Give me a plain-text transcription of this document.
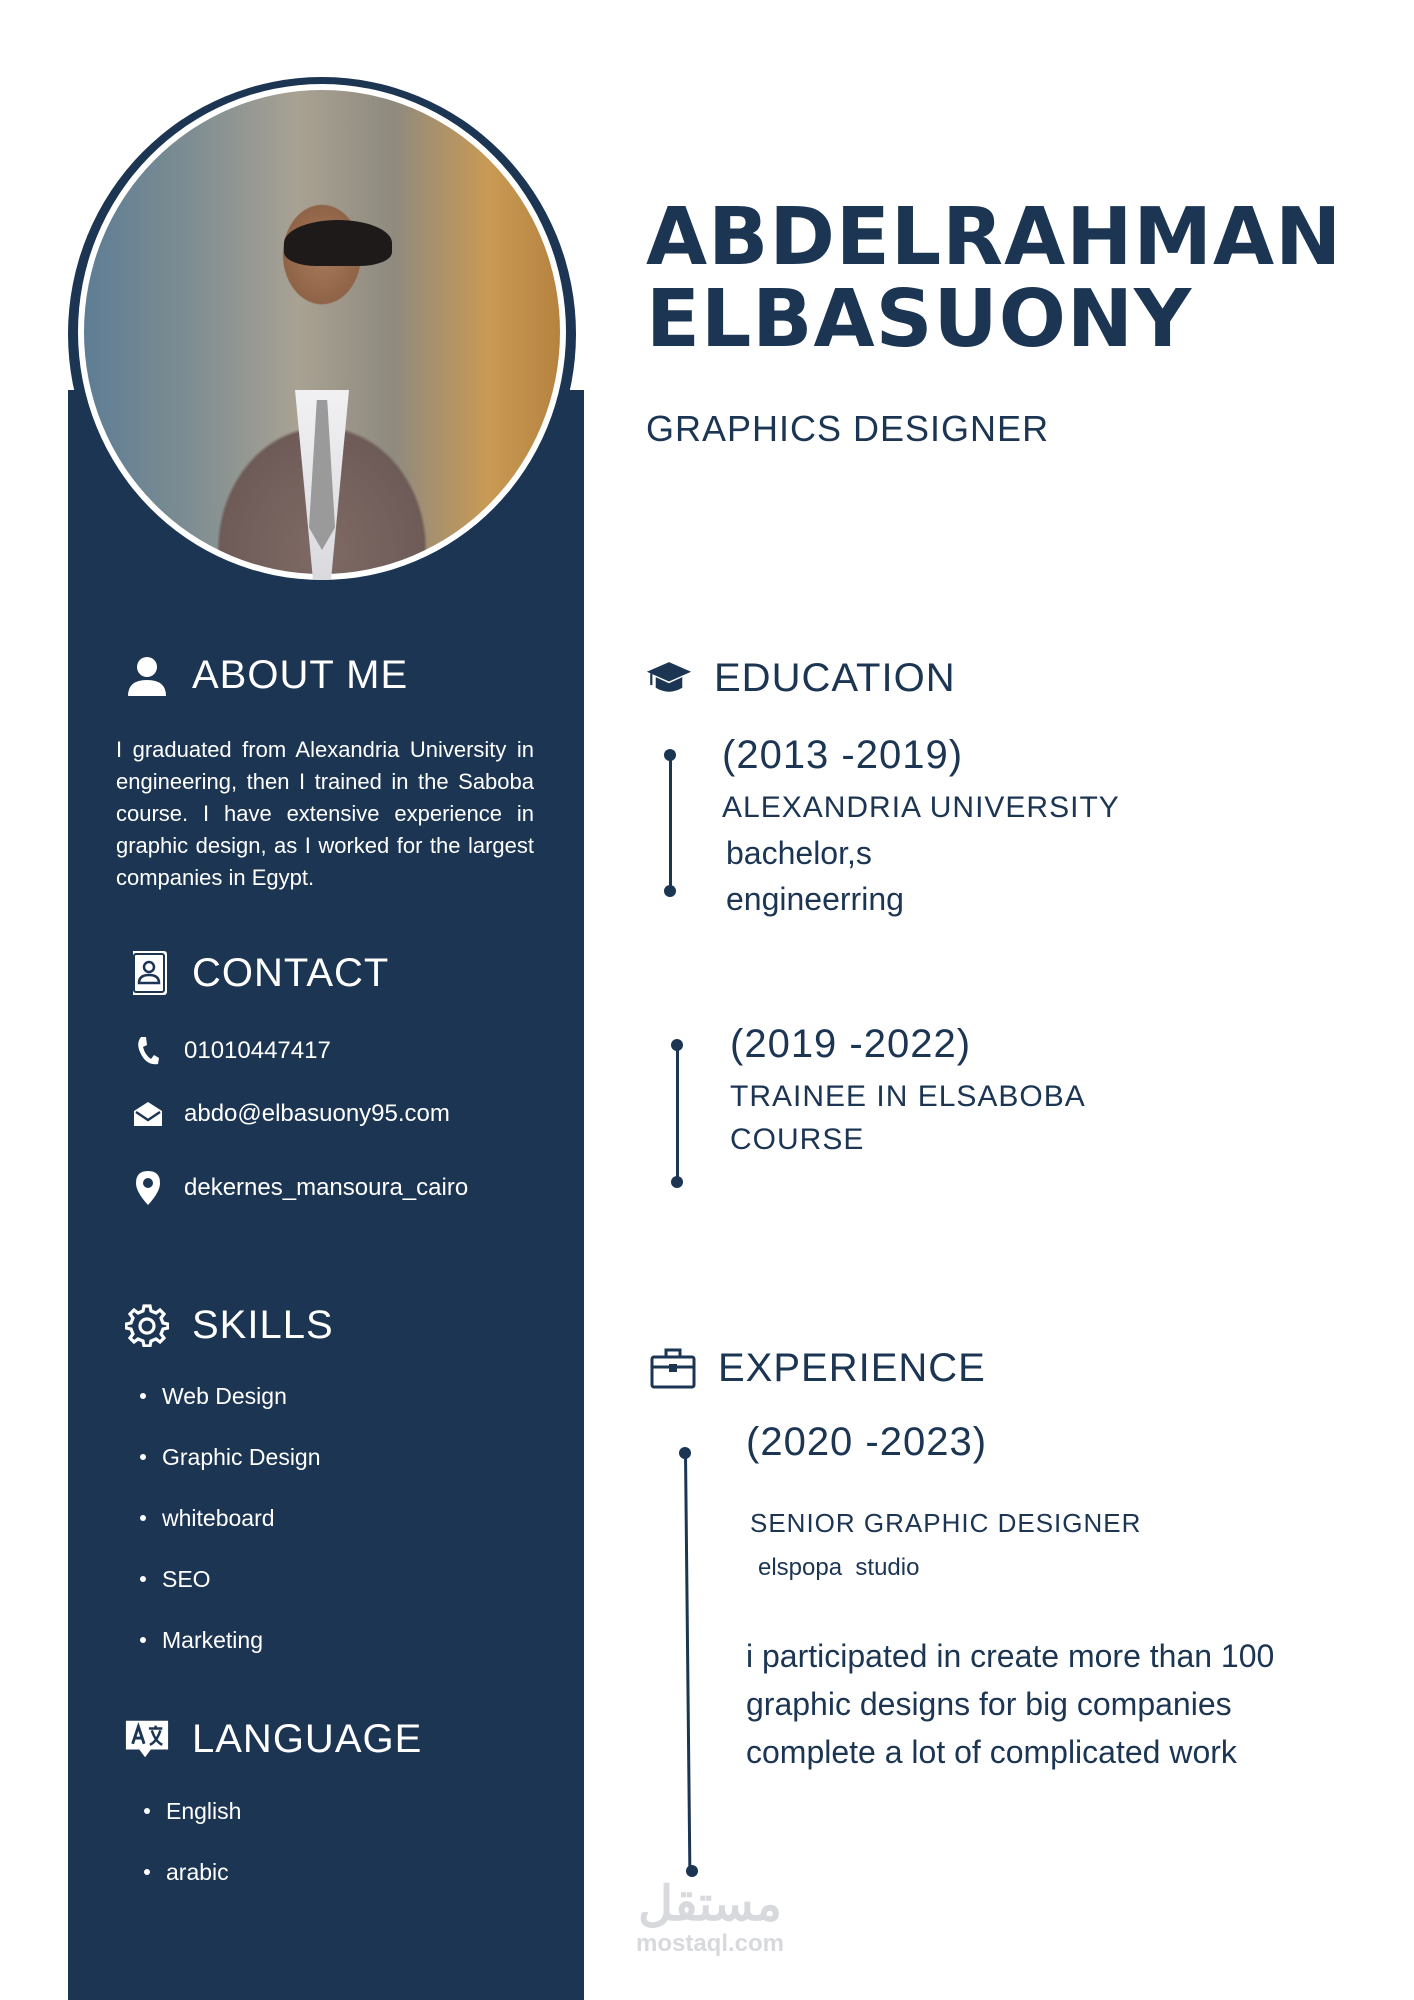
ABDELRAHMAN
ELBASUONY
GRAPHICS DESIGNER
ABOUT ME

I graduated from Alexandria University in engineering, then I trained in the Saboba course. I have extensive experience in graphic design, as I worked for the largest companies in Egypt.

CONTACT
01010447417
abdo@elbasuony95.com
dekernes_mansoura_cairo
SKILLS
Web Design
Graphic Design
whiteboard
SEO
Marketing
LANGUAGE
English
arabic
EDUCATION
(2013 -2019)
ALEXANDRIA UNIVERSITY
bachelor,s
engineerring
(2019 -2022)
TRAINEE IN ELSABOBA
COURSE
EXPERIENCE
(2020 -2023)
SENIOR GRAPHIC DESIGNER
elspopa  studio
i participated in create more than 100
graphic designs for big companies
complete a lot of complicated work
مستقل
mostaql.com
